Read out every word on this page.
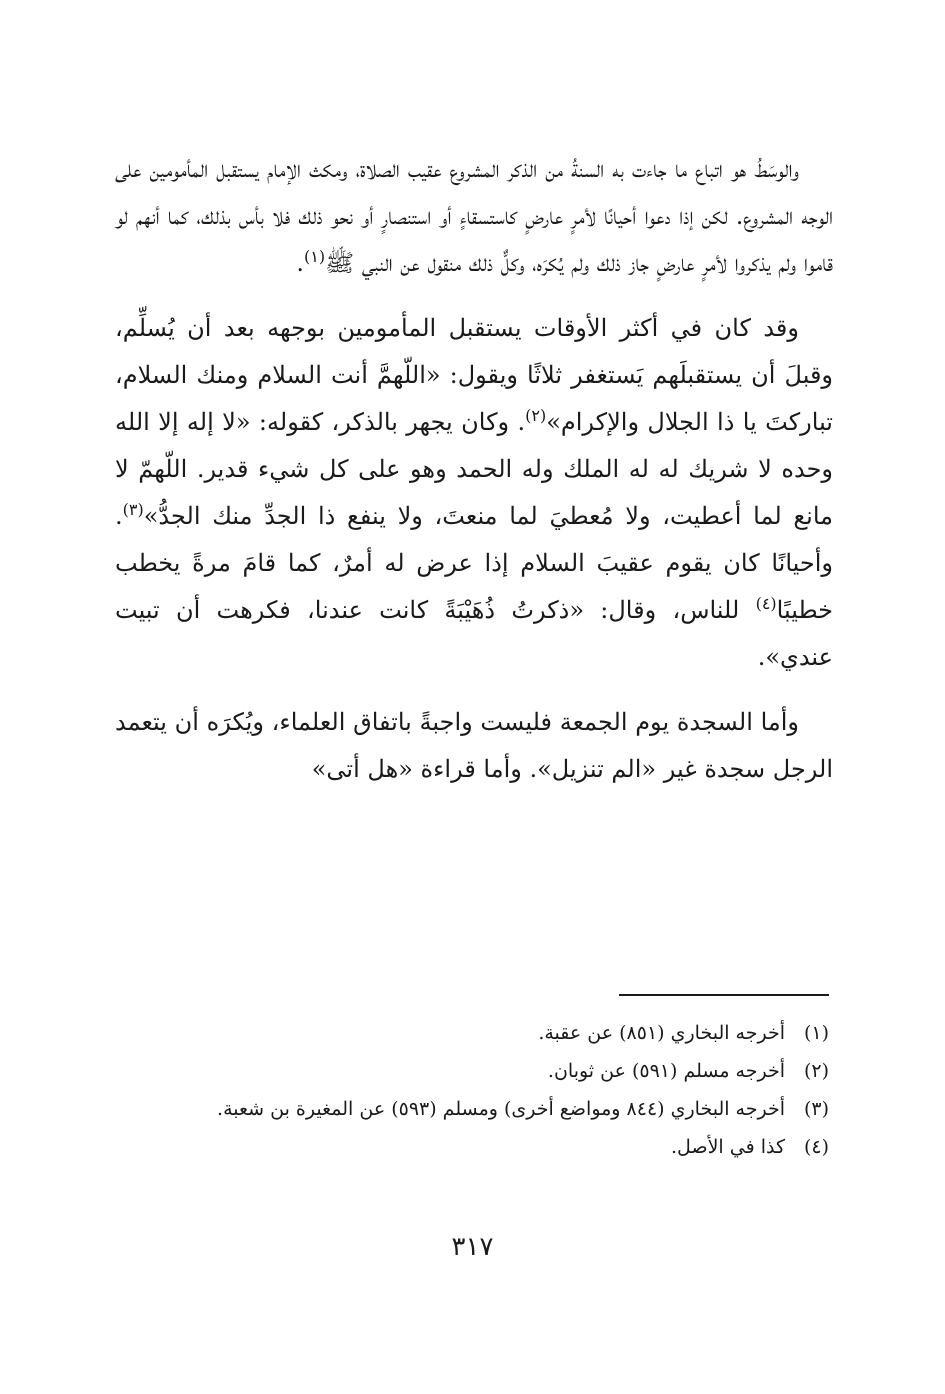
والوسَطُ هو اتباع ما جاءت به السنةُ من الذكر المشروع عقيب الصلاة، ومكث الإمام يستقبل المأمومين على الوجه المشروع. لكن إذا دعوا أحيانًا لأمرٍ عارضٍ كاستسقاءٍ أو استنصارٍ أو نحو ذلك فلا بأس بذلك، كما أنهم لو قاموا ولم يذكروا لأمرٍ عارضٍ جاز ذلك ولم يُكرَه، وكلٌّ ذلك منقول عن النبي ﷺ$^{(١)}$.

وقد كان في أكثر الأوقات يستقبل المأمومين بوجهه بعد أن يُسلِّم، وقبلَ أن يستقبلَهم يَستغفر ثلاثًا ويقول: «اللّهمَّ أنت السلام ومنك السلام، تباركتَ يا ذا الجلال والإكرام»$^{(٢)}$. وكان يجهر بالذكر، كقوله: «لا إله إلا الله وحده لا شريك له له الملك وله الحمد وهو على كل شيء قدير. اللّهمّ لا مانع لما أعطيت، ولا مُعطيَ لما منعتَ، ولا ينفع ذا الجدِّ منك الجدُّ»$^{(٣)}$. وأحيانًا كان يقوم عقيبَ السلام إذا عرض له أمرٌ، كما قامَ مرةً يخطب خطيبًا$^{(٤)}$ للناس، وقال: «ذكرتُ ذُهَيْبَةً كانت عندنا، فكرهت أن تبيت عندي».

وأما السجدة يوم الجمعة فليست واجبةً باتفاق العلماء، ويُكرَه أن يتعمد الرجل سجدة غير «الم تنزيل». وأما قراءة «هل أتى»

(١)
أخرجه البخاري (٨٥١) عن عقبة.
(٢)
أخرجه مسلم (٥٩١) عن ثوبان.
(٣)
أخرجه البخاري (٨٤٤ ومواضع أخرى) ومسلم (٥٩٣) عن المغيرة بن شعبة.
(٤)
كذا في الأصل.
٣١٧
